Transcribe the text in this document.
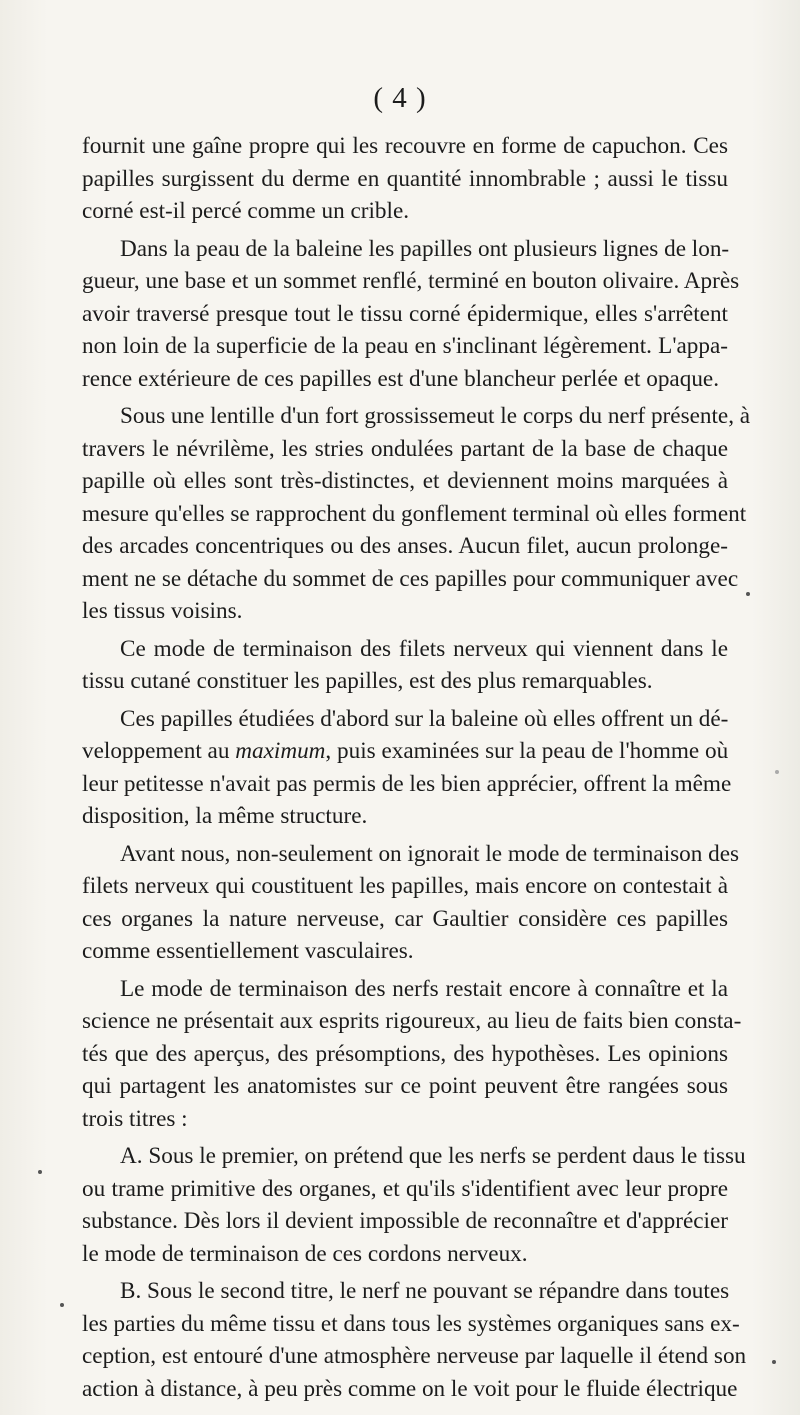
( 4 )
fournit une gaîne propre qui les recouvre en forme de capuchon. Ces
papilles surgissent du derme en quantité innombrable ; aussi le tissu
corné est-il percé comme un crible.
Dans la peau de la baleine les papilles ont plusieurs lignes de lon-
gueur, une base et un sommet renflé, terminé en bouton olivaire. Après
avoir traversé presque tout le tissu corné épidermique, elles s'arrêtent
non loin de la superficie de la peau en s'inclinant légèrement. L'appa-
rence extérieure de ces papilles est d'une blancheur perlée et opaque.
Sous une lentille d'un fort grossissemeut le corps du nerf présente, à
travers le névrilème, les stries ondulées partant de la base de chaque
papille où elles sont très-distinctes, et deviennent moins marquées à
mesure qu'elles se rapprochent du gonflement terminal où elles forment
des arcades concentriques ou des anses. Aucun filet, aucun prolonge-
ment ne se détache du sommet de ces papilles pour communiquer avec
les tissus voisins.
Ce mode de terminaison des filets nerveux qui viennent dans le
tissu cutané constituer les papilles, est des plus remarquables.
Ces papilles étudiées d'abord sur la baleine où elles offrent un dé-
veloppement au maximum, puis examinées sur la peau de l'homme où
leur petitesse n'avait pas permis de les bien apprécier, offrent la même
disposition, la même structure.
Avant nous, non-seulement on ignorait le mode de terminaison des
filets nerveux qui coustituent les papilles, mais encore on contestait à
ces organes la nature nerveuse, car Gaultier considère ces papilles
comme essentiellement vasculaires.
Le mode de terminaison des nerfs restait encore à connaître et la
science ne présentait aux esprits rigoureux, au lieu de faits bien consta-
tés que des aperçus, des présomptions, des hypothèses. Les opinions
qui partagent les anatomistes sur ce point peuvent être rangées sous
trois titres :
A. Sous le premier, on prétend que les nerfs se perdent daus le tissu
ou trame primitive des organes, et qu'ils s'identifient avec leur propre
substance. Dès lors il devient impossible de reconnaître et d'apprécier
le mode de terminaison de ces cordons nerveux.
B. Sous le second titre, le nerf ne pouvant se répandre dans toutes
les parties du même tissu et dans tous les systèmes organiques sans ex-
ception, est entouré d'une atmosphère nerveuse par laquelle il étend son
action à distance, à peu près comme on le voit pour le fluide électrique
